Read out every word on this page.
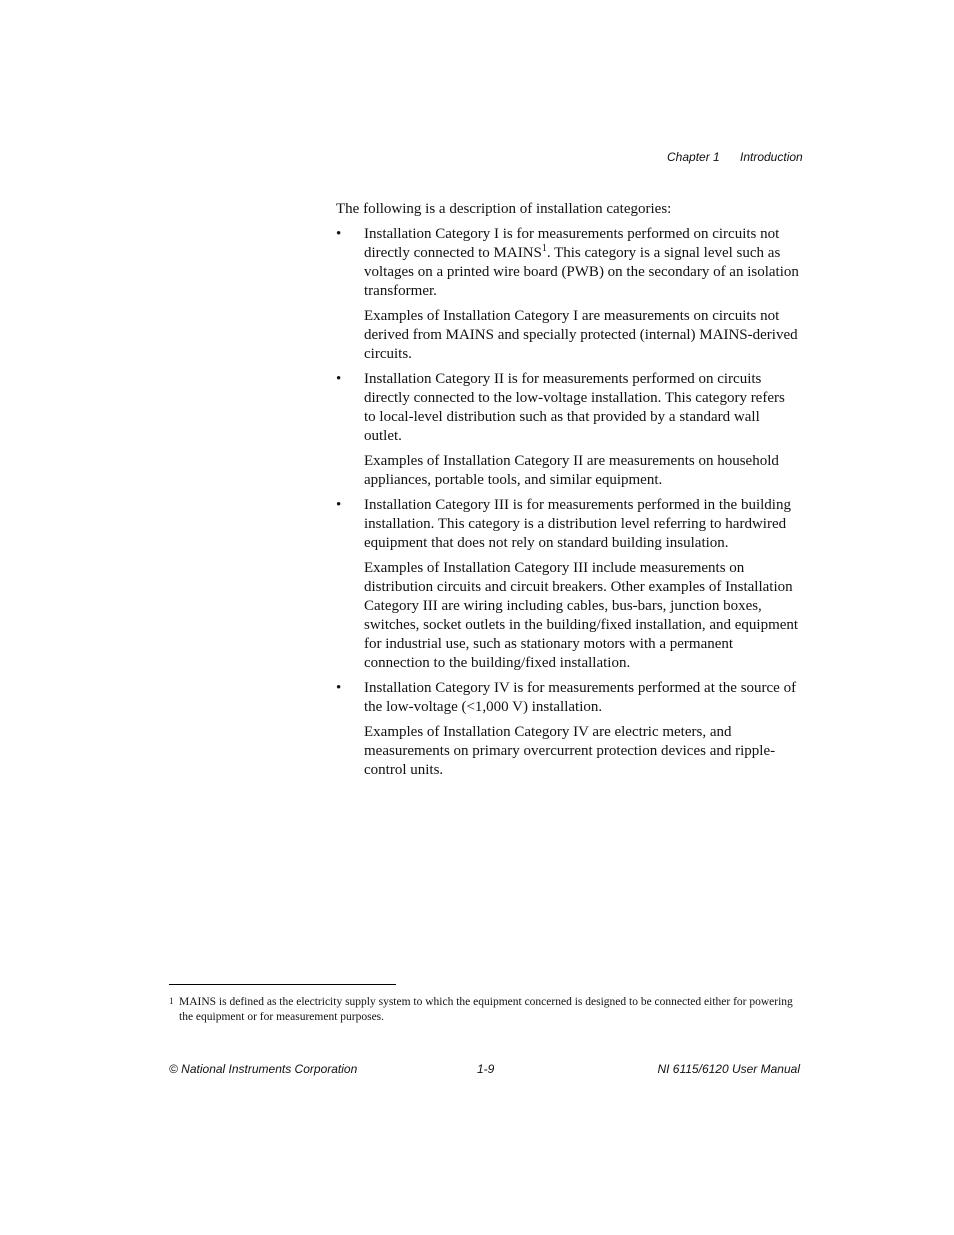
Chapter 1 Introduction

The following is a description of installation categories:

• Installation Category I is for measurements performed on circuits not directly connected to MAINS$^1$. This category is a signal level such as voltages on a printed wire board (PWB) on the secondary of an isolation transformer.

Examples of Installation Category I are measurements on circuits not derived from MAINS and specially protected (internal) MAINS-derived circuits.

• Installation Category II is for measurements performed on circuits directly connected to the low-voltage installation. This category refers to local-level distribution such as that provided by a standard wall outlet.

Examples of Installation Category II are measurements on household appliances, portable tools, and similar equipment.

• Installation Category III is for measurements performed in the building installation. This category is a distribution level referring to hardwired equipment that does not rely on standard building insulation.

Examples of Installation Category III include measurements on distribution circuits and circuit breakers. Other examples of Installation Category III are wiring including cables, bus-bars, junction boxes, switches, socket outlets in the building/fixed installation, and equipment for industrial use, such as stationary motors with a permanent connection to the building/fixed installation.

• Installation Category IV is for measurements performed at the source of the low-voltage (<1,000 V) installation.

Examples of Installation Category IV are electric meters, and measurements on primary overcurrent protection devices and ripple-control units.

1 MAINS is defined as the electricity supply system to which the equipment concerned is designed to be connected either for powering the equipment or for measurement purposes.
© National Instruments Corporation	1-9	NI 6115/6120 User Manual
